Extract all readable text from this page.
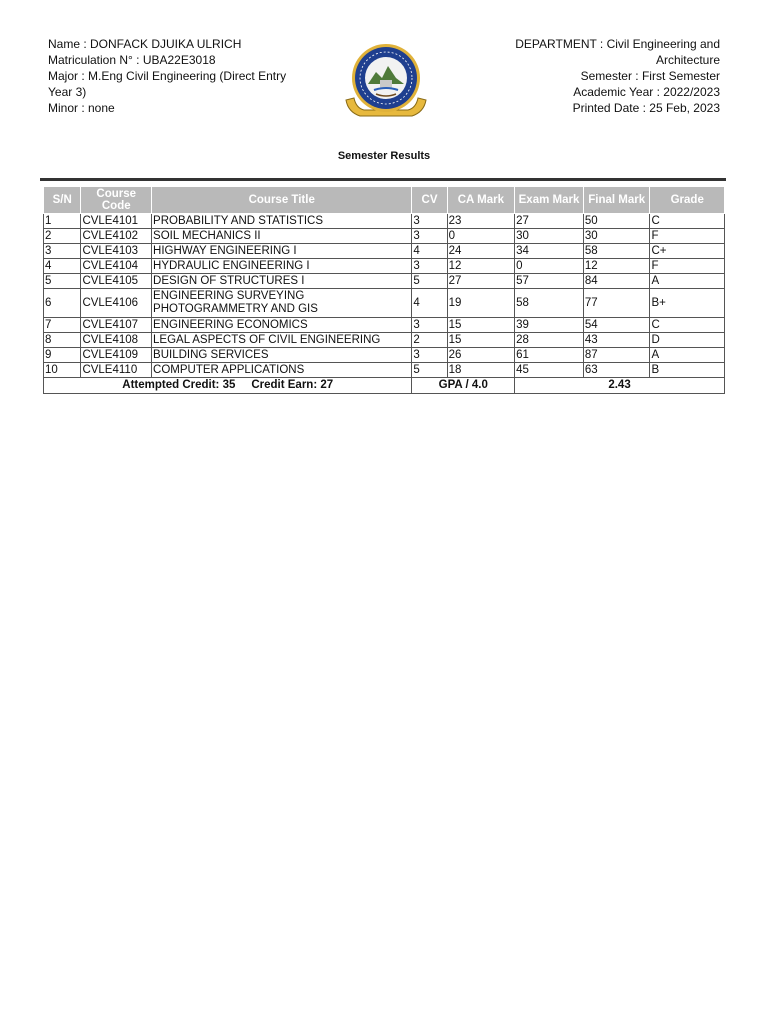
Name : DONFACK DJUIKA ULRICH
Matriculation N° : UBA22E3018
Major : M.Eng Civil Engineering (Direct Entry Year 3)
Minor : none
DEPARTMENT : Civil Engineering and Architecture
Semester : First Semester
Academic Year : 2022/2023
Printed Date : 25 Feb, 2023
Semester Results
S/N	Course Code	Course Title	CV	CA Mark	Exam Mark	Final Mark	Grade
1	CVLE4101	PROBABILITY AND STATISTICS	3	23	27	50	C
2	CVLE4102	SOIL MECHANICS II	3	0	30	30	F
3	CVLE4103	HIGHWAY ENGINEERING I	4	24	34	58	C+
4	CVLE4104	HYDRAULIC ENGINEERING I	3	12	0	12	F
5	CVLE4105	DESIGN OF STRUCTURES I	5	27	57	84	A
6	CVLE4106	ENGINEERING SURVEYING PHOTOGRAMMETRY AND GIS	4	19	58	77	B+
7	CVLE4107	ENGINEERING ECONOMICS	3	15	39	54	C
8	CVLE4108	LEGAL ASPECTS OF CIVIL ENGINEERING	2	15	28	43	D
9	CVLE4109	BUILDING SERVICES	3	26	61	87	A
10	CVLE4110	COMPUTER APPLICATIONS	5	18	45	63	B
Attempted Credit: 35     Credit Earn: 27			GPA / 4.0		2.43		
